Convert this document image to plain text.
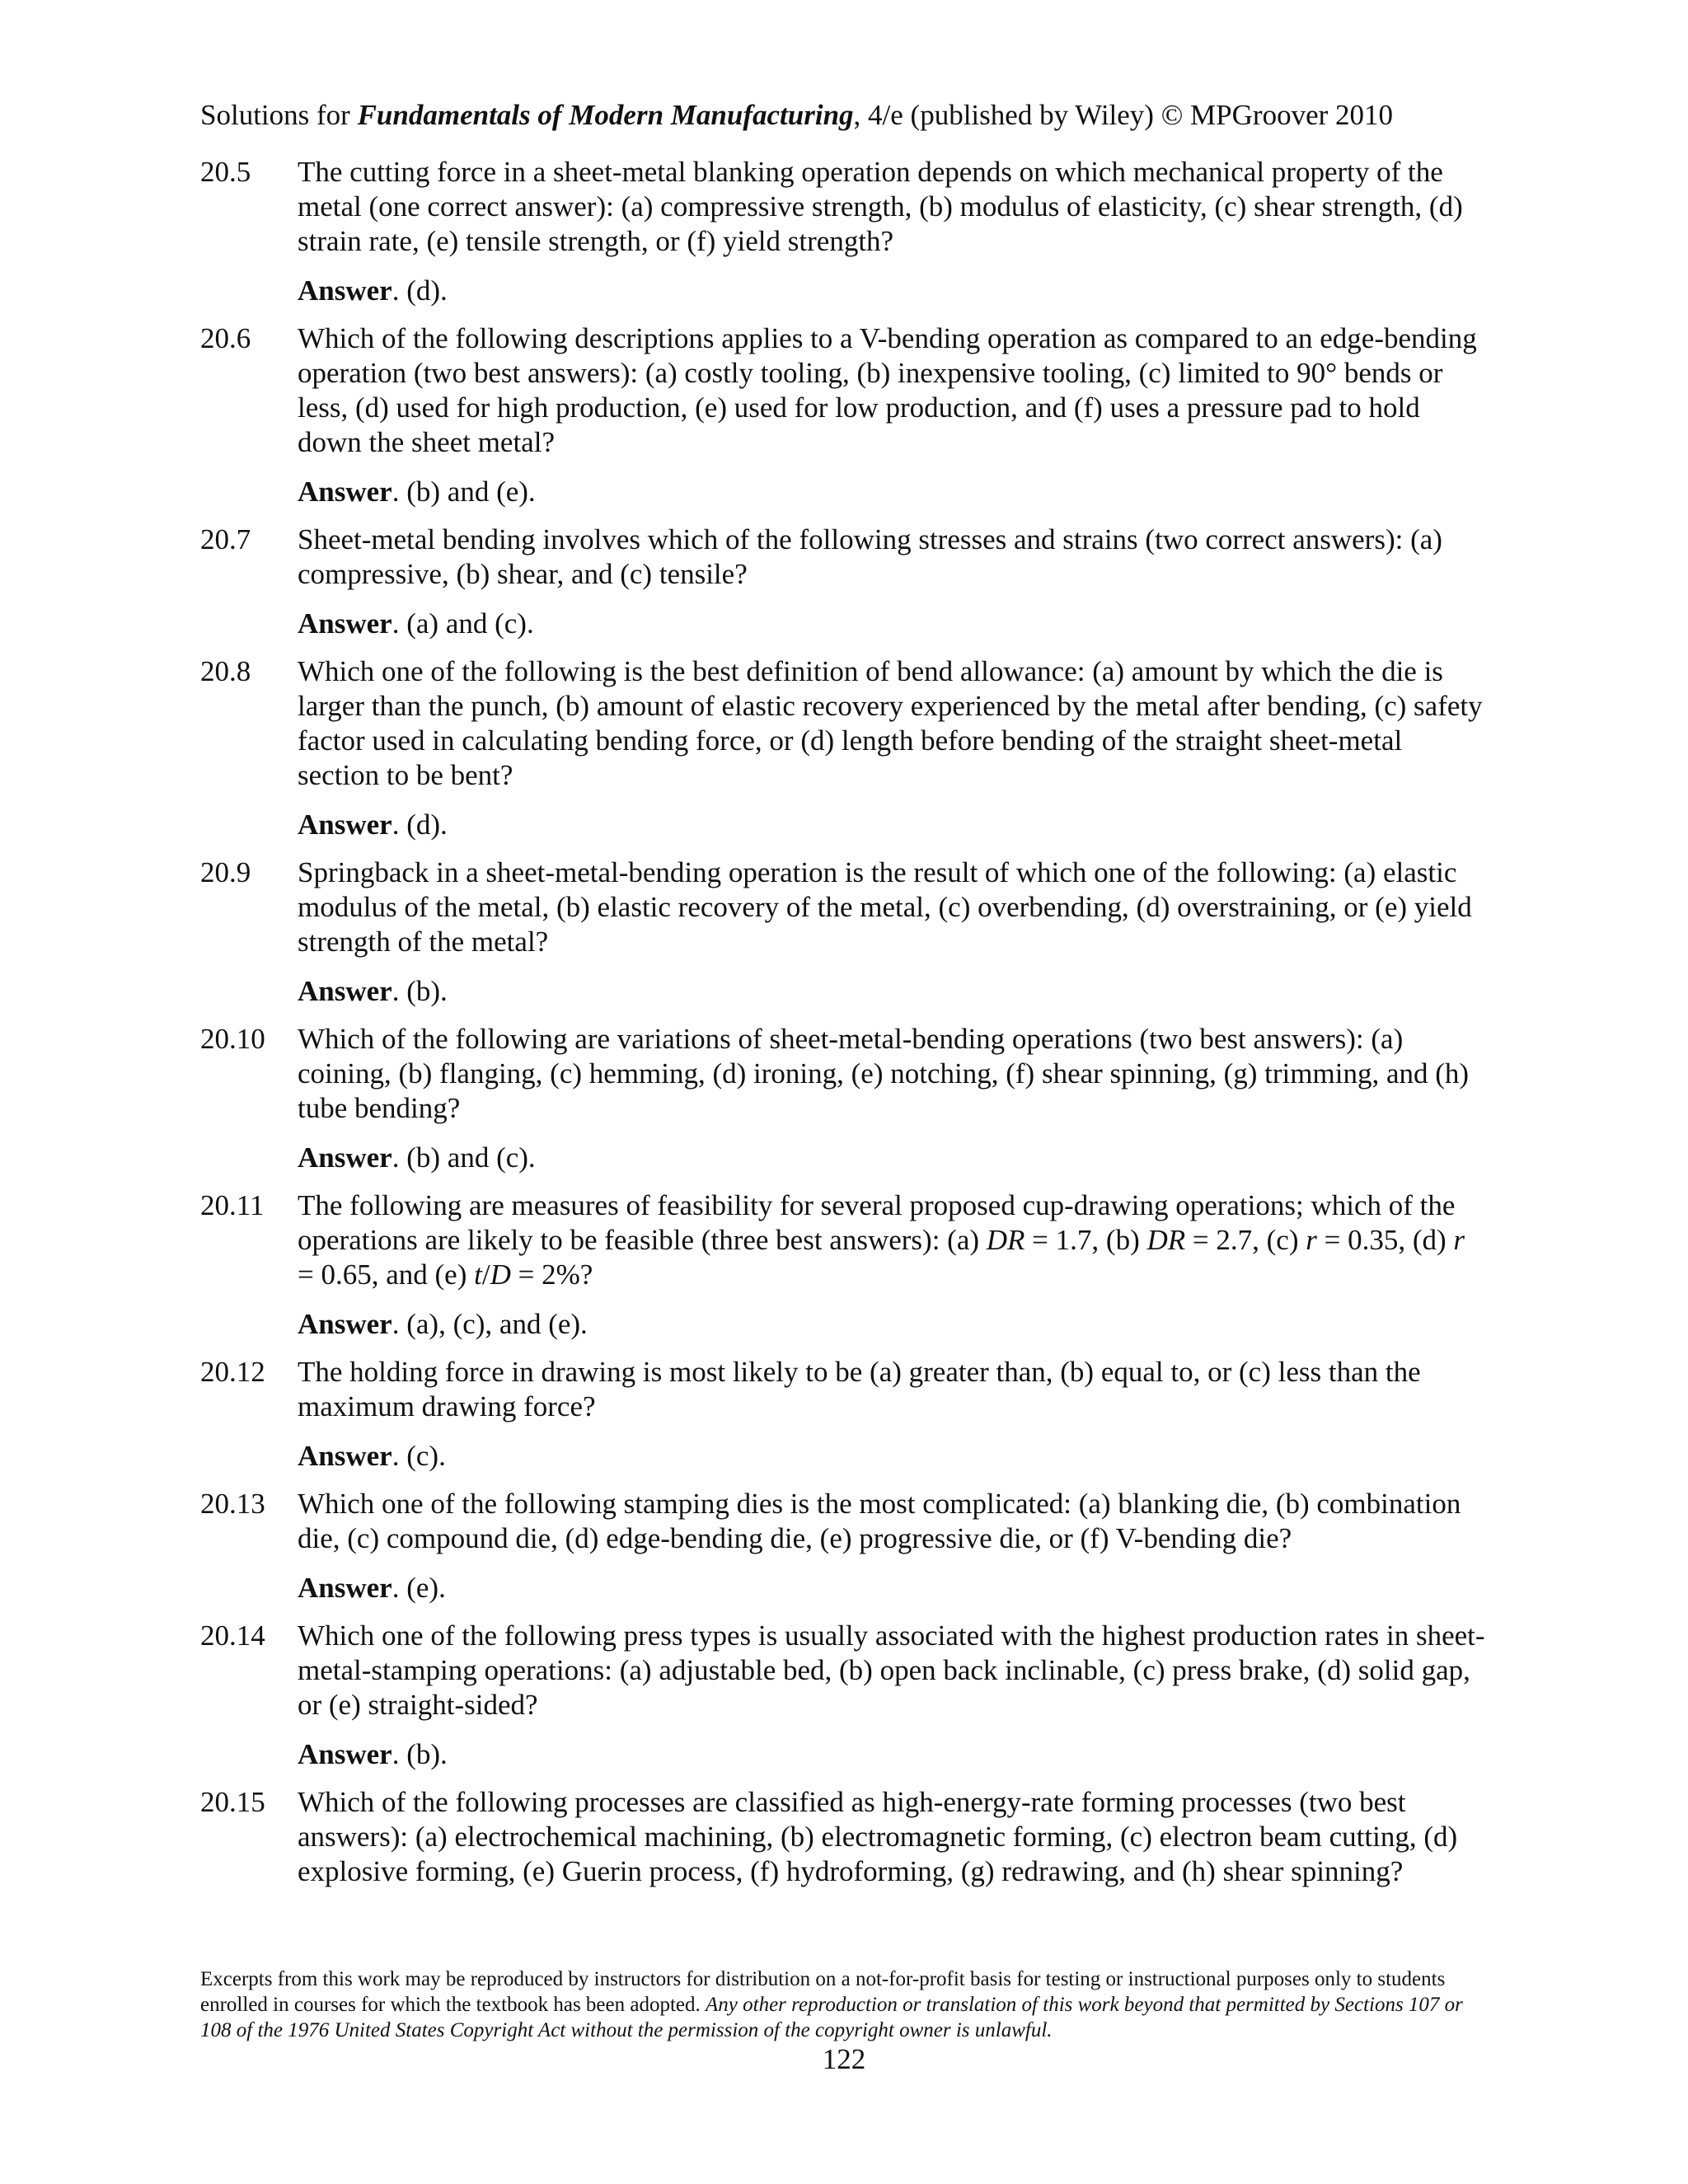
Solutions for Fundamentals of Modern Manufacturing, 4/e (published by Wiley) © MPGroover 2010
20.5 The cutting force in a sheet-metal blanking operation depends on which mechanical property of the metal (one correct answer): (a) compressive strength, (b) modulus of elasticity, (c) shear strength, (d) strain rate, (e) tensile strength, or (f) yield strength?
Answer. (d).
20.6 Which of the following descriptions applies to a V-bending operation as compared to an edge-bending operation (two best answers): (a) costly tooling, (b) inexpensive tooling, (c) limited to 90° bends or less, (d) used for high production, (e) used for low production, and (f) uses a pressure pad to hold down the sheet metal?
Answer. (b) and (e).
20.7 Sheet-metal bending involves which of the following stresses and strains (two correct answers): (a) compressive, (b) shear, and (c) tensile?
Answer. (a) and (c).
20.8 Which one of the following is the best definition of bend allowance: (a) amount by which the die is larger than the punch, (b) amount of elastic recovery experienced by the metal after bending, (c) safety factor used in calculating bending force, or (d) length before bending of the straight sheet-metal section to be bent?
Answer. (d).
20.9 Springback in a sheet-metal-bending operation is the result of which one of the following: (a) elastic modulus of the metal, (b) elastic recovery of the metal, (c) overbending, (d) overstraining, or (e) yield strength of the metal?
Answer. (b).
20.10 Which of the following are variations of sheet-metal-bending operations (two best answers): (a) coining, (b) flanging, (c) hemming, (d) ironing, (e) notching, (f) shear spinning, (g) trimming, and (h) tube bending?
Answer. (b) and (c).
20.11 The following are measures of feasibility for several proposed cup-drawing operations; which of the operations are likely to be feasible (three best answers): (a) DR = 1.7, (b) DR = 2.7, (c) r = 0.35, (d) r = 0.65, and (e) t/D = 2%?
Answer. (a), (c), and (e).
20.12 The holding force in drawing is most likely to be (a) greater than, (b) equal to, or (c) less than the maximum drawing force?
Answer. (c).
20.13 Which one of the following stamping dies is the most complicated: (a) blanking die, (b) combination die, (c) compound die, (d) edge-bending die, (e) progressive die, or (f) V-bending die?
Answer. (e).
20.14 Which one of the following press types is usually associated with the highest production rates in sheet-metal-stamping operations: (a) adjustable bed, (b) open back inclinable, (c) press brake, (d) solid gap, or (e) straight-sided?
Answer. (b).
20.15 Which of the following processes are classified as high-energy-rate forming processes (two best answers): (a) electrochemical machining, (b) electromagnetic forming, (c) electron beam cutting, (d) explosive forming, (e) Guerin process, (f) hydroforming, (g) redrawing, and (h) shear spinning?
Excerpts from this work may be reproduced by instructors for distribution on a not-for-profit basis for testing or instructional purposes only to students enrolled in courses for which the textbook has been adopted. Any other reproduction or translation of this work beyond that permitted by Sections 107 or 108 of the 1976 United States Copyright Act without the permission of the copyright owner is unlawful.
122
